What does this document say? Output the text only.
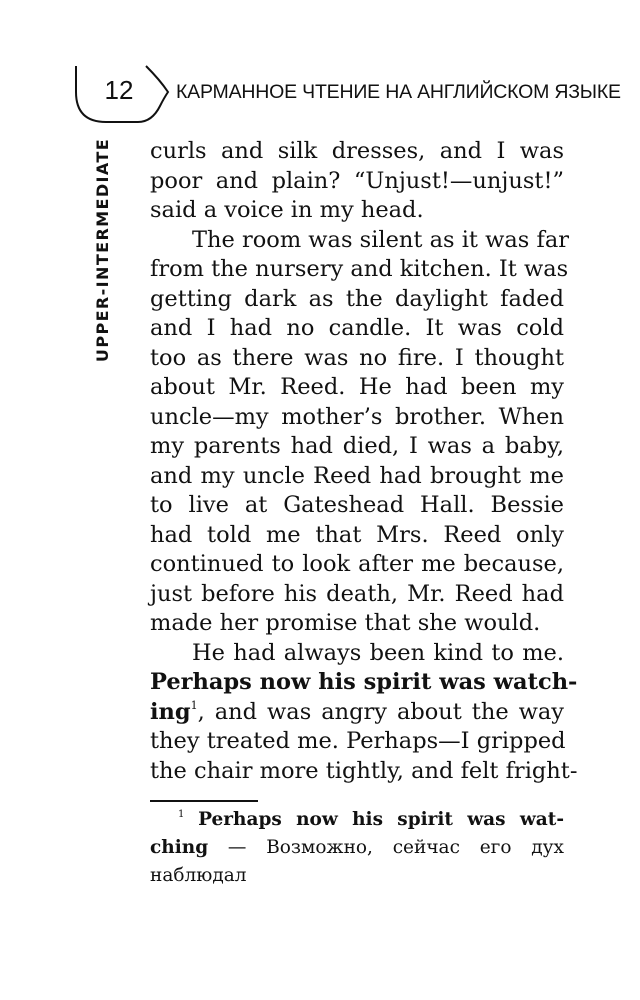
12	КАРМАННОЕ ЧТЕНИЕ НА АНГЛИЙСКОМ ЯЗЫКЕ
UPPER-INTERMEDIATE curls and silk dresses, and I was
poor and plain? “Unjust!—unjust!”
said a voice in my head.
The room was silent as it was far
from the nursery and kitchen. It was
getting dark as the daylight faded
and I had no candle. It was cold
too as there was no fire. I thought
about Mr. Reed. He had been my
uncle—my mother’s brother. When
my parents had died, I was a baby,
and my uncle Reed had brought me
to live at Gateshead Hall. Bessie
had told me that Mrs. Reed only
continued to look after me because,
just before his death, Mr. Reed had
made her promise that she would.
He had always been kind to me.
Perhaps now his spirit was watch-
ing$^1$, and was angry about the way
they treated me. Perhaps—I gripped
the chair more tightly, and felt fright-
$^1$ Perhaps now his spirit was wat-
ching — Возможно, сейчас его дух
наблюдал
